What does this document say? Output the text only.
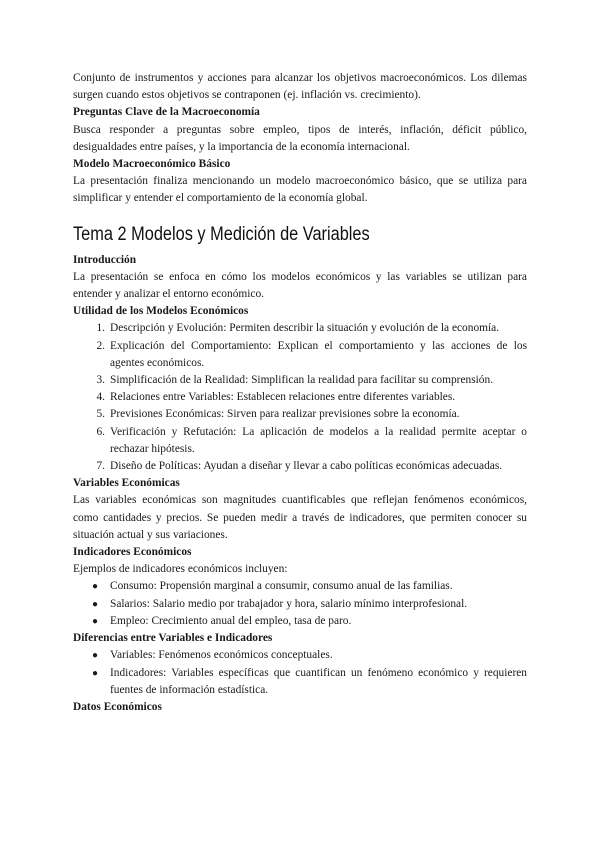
Conjunto de instrumentos y acciones para alcanzar los objetivos macroeconómicos. Los dilemas surgen cuando estos objetivos se contraponen (ej. inflación vs. crecimiento).

Preguntas Clave de la Macroeconomía

Busca responder a preguntas sobre empleo, tipos de interés, inflación, déficit público, desigualdades entre países, y la importancia de la economía internacional.

Modelo Macroeconómico Básico

La presentación finaliza mencionando un modelo macroeconómico básico, que se utiliza para simplificar y entender el comportamiento de la economía global.

Tema 2 Modelos y Medición de Variables
Introducción

La presentación se enfoca en cómo los modelos económicos y las variables se utilizan para entender y analizar el entorno económico.

Utilidad de los Modelos Económicos
1. Descripción y Evolución: Permiten describir la situación y evolución de la economía.
2. Explicación del Comportamiento: Explican el comportamiento y las acciones de los agentes económicos.
3. Simplificación de la Realidad: Simplifican la realidad para facilitar su comprensión.
4. Relaciones entre Variables: Establecen relaciones entre diferentes variables.
5. Previsiones Económicas: Sirven para realizar previsiones sobre la economía.
6. Verificación y Refutación: La aplicación de modelos a la realidad permite aceptar o rechazar hipótesis.
7. Diseño de Políticas: Ayudan a diseñar y llevar a cabo políticas económicas adecuadas.
Variables Económicas

Las variables económicas son magnitudes cuantificables que reflejan fenómenos económicos, como cantidades y precios. Se pueden medir a través de indicadores, que permiten conocer su situación actual y sus variaciones.

Indicadores Económicos

Ejemplos de indicadores económicos incluyen:

● Consumo: Propensión marginal a consumir, consumo anual de las familias.
● Salarios: Salario medio por trabajador y hora, salario mínimo interprofesional.
● Empleo: Crecimiento anual del empleo, tasa de paro.
Diferencias entre Variables e Indicadores
● Variables: Fenómenos económicos conceptuales.
● Indicadores: Variables específicas que cuantifican un fenómeno económico y requieren fuentes de información estadística.
Datos Económicos
